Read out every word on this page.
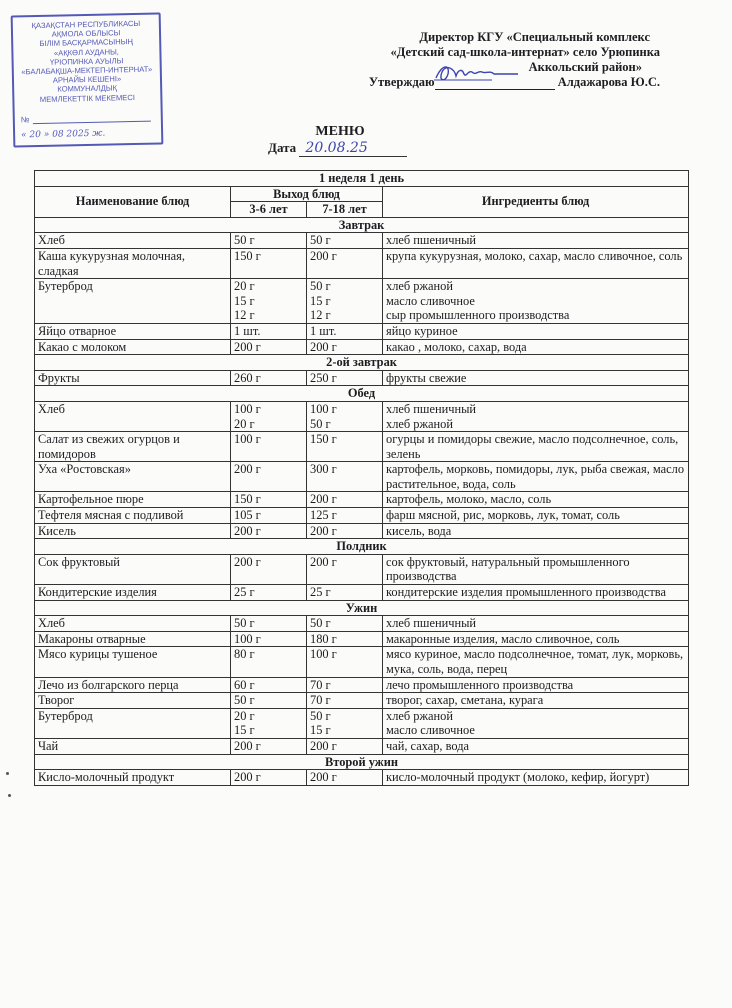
ҚАЗАҚСТАН РЕСПУБЛИКАСЫ
АҚМОЛА ОБЛЫСЫ
БІЛІМ БАСҚАРМАСЫНЫҢ
«АҚКӨЛ АУДАНЫ,
ҮРІОПИНКА АУЫЛЫ
«БАЛАБАҚША-МЕКТЕП-ИНТЕРНАТ»
АРНАЙЫ КЕШЕНІ»
КОММУНАЛДЫҚ
МЕМЛЕКЕТТІК МЕКЕМЕСІ
№
« 20 » 08 2025 ж.
Директор КГУ «Специальный комплекс
«Детский сад-школа-интернат» село Урюпинка
Аккольский район»
Утверждаю	Алдажарова Ю.С.
МЕНЮ
Дата 20.08.25
1 неделя 1 день			
Наименование блюд	Выход блюд		Ингредиенты блюд
	3-6 лет	7-18 лет	
Завтрак			
Хлеб	50 г	50 г	хлеб пшеничный
Каша кукурузная молочная, сладкая	150 г	200 г	крупа кукурузная, молоко, сахар, масло сливочное, соль
Бутерброд	20 г
15 г
12 г	50 г
15 г
12 г	хлеб ржаной
масло сливочное
сыр промышленного производства
Яйцо отварное	1 шт.	1 шт.	яйцо куриное
Какао с молоком	200 г	200 г	какао , молоко, сахар, вода
2-ой завтрак			
Фрукты	260 г	250 г	фрукты свежие
Обед			
Хлеб	100 г
20 г	100 г
50 г	хлеб пшеничный
хлеб ржаной
Салат из свежих огурцов и помидоров	100 г	150 г	огурцы и помидоры свежие, масло подсолнечное, соль, зелень
Уха «Ростовская»	200 г	300 г	картофель, морковь, помидоры, лук, рыба свежая, масло растительное, вода, соль
Картофельное пюре	150 г	200 г	картофель, молоко, масло, соль
Тефтеля мясная с подливой	105 г	125 г	фарш мясной, рис, морковь, лук, томат, соль
Кисель	200 г	200 г	кисель, вода
Полдник			
Сок фруктовый	200 г	200 г	сок фруктовый, натуральный промышленного производства
Кондитерские изделия	25 г	25 г	кондитерские изделия промышленного производства
Ужин			
Хлеб	50 г	50 г	хлеб пшеничный
Макароны отварные	100 г	180 г	макаронные изделия, масло сливочное, соль
Мясо курицы тушеное	80 г	100 г	мясо куриное, масло подсолнечное, томат, лук, морковь, мука, соль, вода, перец
Лечо из болгарского перца	60 г	70 г	лечо промышленного производства
Творог	50 г	70 г	творог, сахар, сметана, курага
Бутерброд	20 г
15 г	50 г
15 г	хлеб ржаной
масло сливочное
Чай	200 г	200 г	чай, сахар, вода
Второй ужин			
Кисло-молочный продукт	200 г	200 г	кисло-молочный продукт (молоко, кефир, йогурт)
